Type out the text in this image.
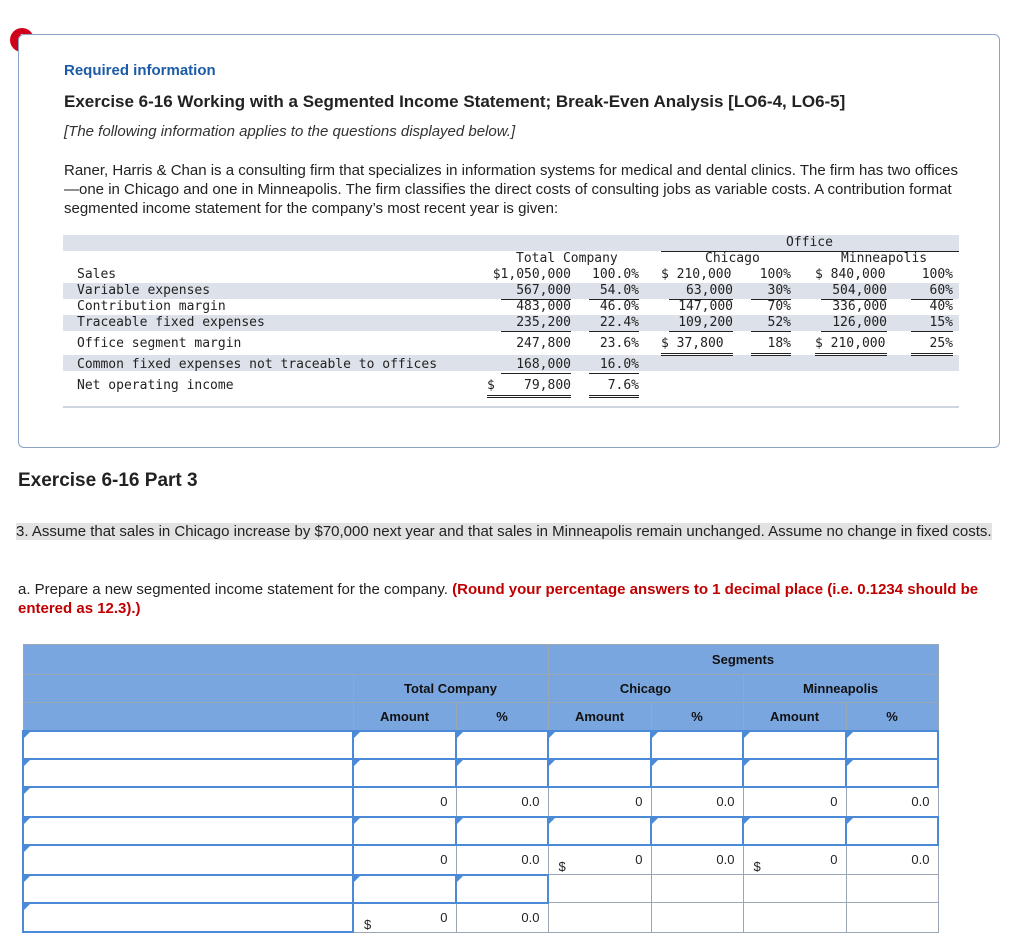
Required information
Exercise 6-16 Working with a Segmented Income Statement; Break-Even Analysis [LO6-4, LO6-5]
[The following information applies to the questions displayed below.]
Raner, Harris & Chan is a consulting firm that specializes in information systems for medical and dental clinics. The firm has two offices—one in Chicago and one in Minneapolis. The firm classifies the direct costs of consulting jobs as variable costs. A contribution format segmented income statement for the company’s most recent year is given:
Office
Total Company	Chicago	Minneapolis
Sales	$1,050,000	100.0% $ 210,000	100% $ 840,000	100%
Variable expenses	567,000	54.0%	63,000	30%	504,000	60%
Contribution margin	483,000	46.0%	147,000	70%	336,000	40%
Traceable fixed expenses	235,200	22.4%	109,200	52%	126,000	15%
Office segment margin	247,800	23.6% $ 37,800	18% $ 210,000	25%
Common fixed expenses not traceable to offices	168,000	16.0%
Net operating income	$	79,800	7.6%
Exercise 6-16 Part 3
3. Assume that sales in Chicago increase by $70,000 next year and that sales in Minneapolis remain unchanged. Assume no change in fixed costs.
a. Prepare a new segmented income statement for the company. (Round your percentage answers to 1 decimal place (i.e. 0.1234 should be entered as 12.3).)
			Segments			
	Total Company		Chicago		Minneapolis	
	Amount	%	Amount	%	Amount	%

	0	0.0	0	0.0	0	0.0

	0	0.0	$ 0	0.0	$ 0	0.0

	$ 0	0.0				
